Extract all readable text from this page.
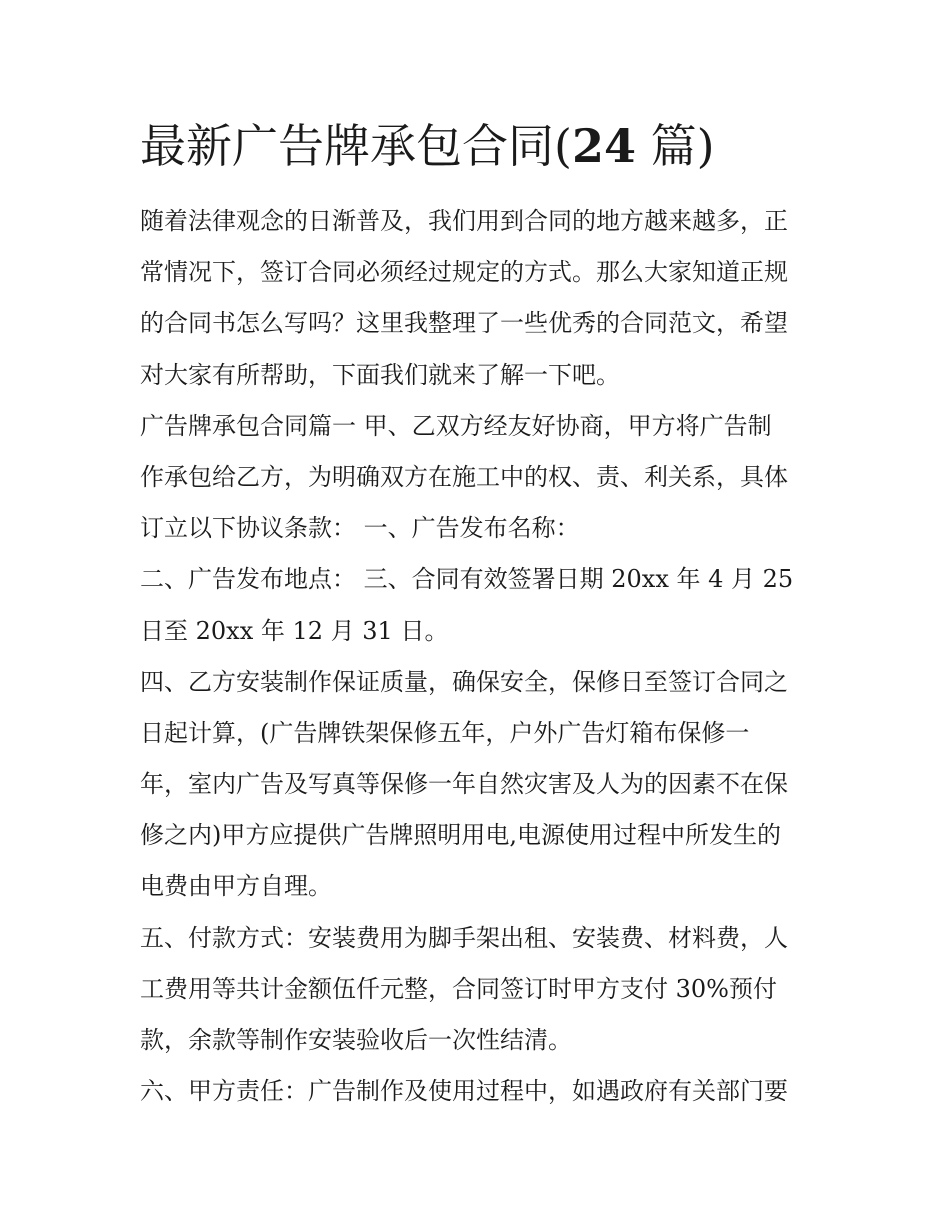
最新广告牌承包合同(24 篇)
随着法律观念的日渐普及，我们用到合同的地方越来越多，正
常情况下，签订合同必须经过规定的方式。那么大家知道正规
的合同书怎么写吗？这里我整理了一些优秀的合同范文，希望
对大家有所帮助，下面我们就来了解一下吧。
广告牌承包合同篇一 甲、乙双方经友好协商，甲方将广告制
作承包给乙方，为明确双方在施工中的权、责、利关系，具体
订立以下协议条款： 一、广告发布名称：
二、广告发布地点： 三、合同有效签署日期 20xx 年 4 月 25
日至 20xx 年 12 月 31 日。
四、乙方安装制作保证质量，确保安全，保修日至签订合同之
日起计算，(广告牌铁架保修五年，户外广告灯箱布保修一
年，室内广告及写真等保修一年自然灾害及人为的因素不在保
修之内)甲方应提供广告牌照明用电,电源使用过程中所发生的
电费由甲方自理。
五、付款方式：安装费用为脚手架出租、安装费、材料费，人
工费用等共计金额伍仟元整，合同签订时甲方支付 30%预付
款，余款等制作安装验收后一次性结清。
六、甲方责任：广告制作及使用过程中，如遇政府有关部门要
